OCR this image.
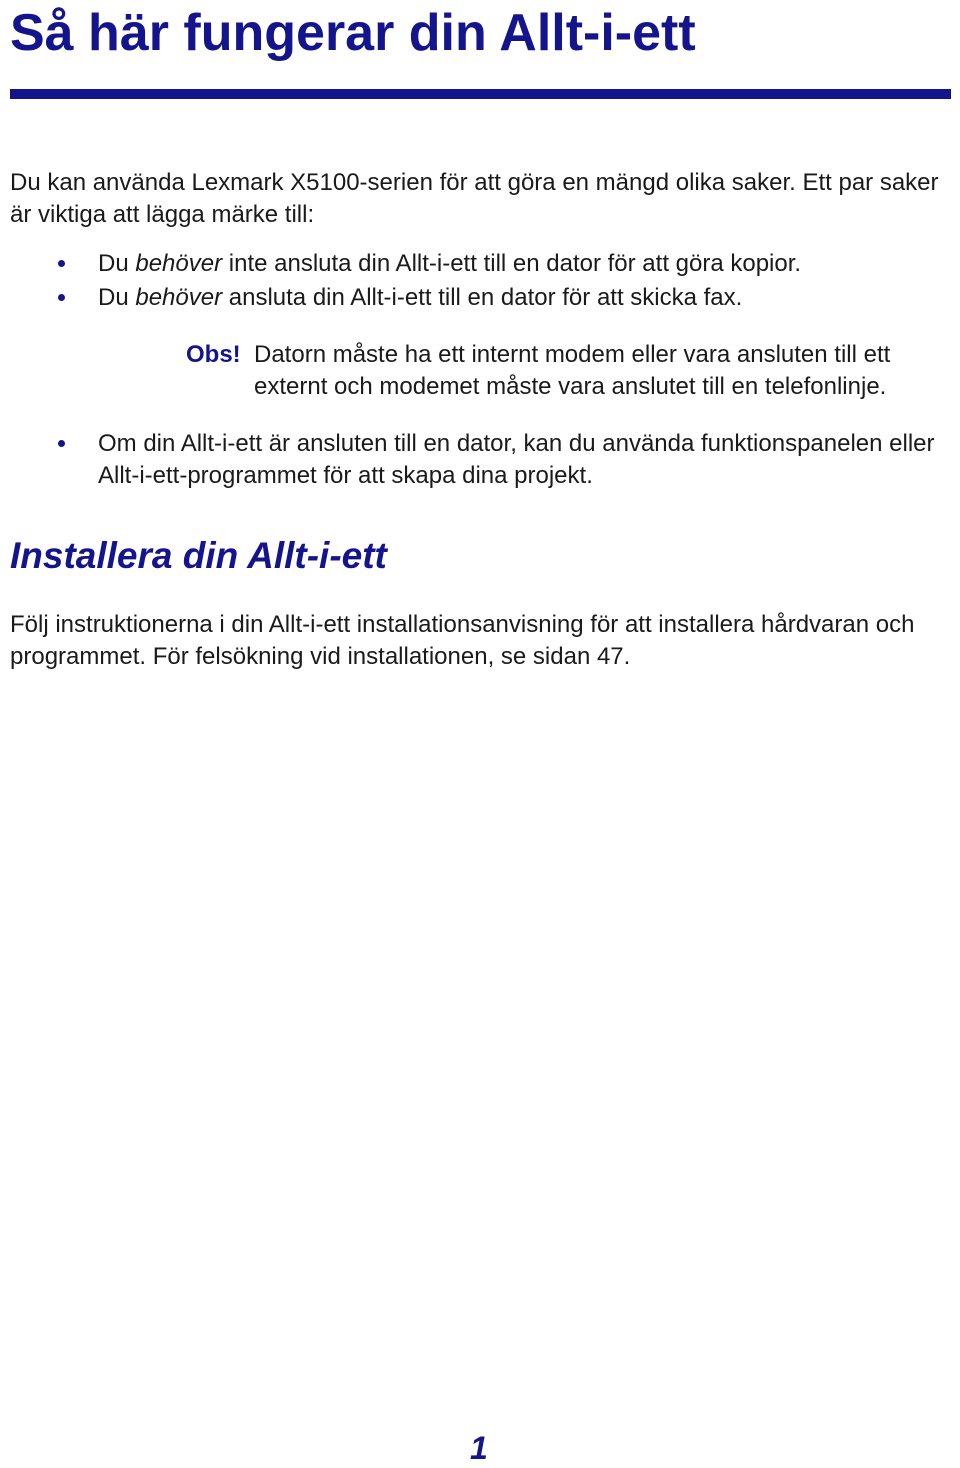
Så här fungerar din Allt-i-ett

Du kan använda Lexmark X5100-serien för att göra en mängd olika saker. Ett par saker är viktiga att lägga märke till:

Du behöver inte ansluta din Allt-i-ett till en dator för att göra kopior.

Du behöver ansluta din Allt-i-ett till en dator för att skicka fax.

Obs! Datorn måste ha ett internt modem eller vara ansluten till ett externt och modemet måste vara anslutet till en telefonlinje.

Om din Allt-i-ett är ansluten till en dator, kan du använda funktionspanelen eller Allt-i-ett-programmet för att skapa dina projekt.

Installera din Allt-i-ett

Följ instruktionerna i din Allt-i-ett installationsanvisning för att installera hårdvaran och programmet. För felsökning vid installationen, se sidan 47.

1
